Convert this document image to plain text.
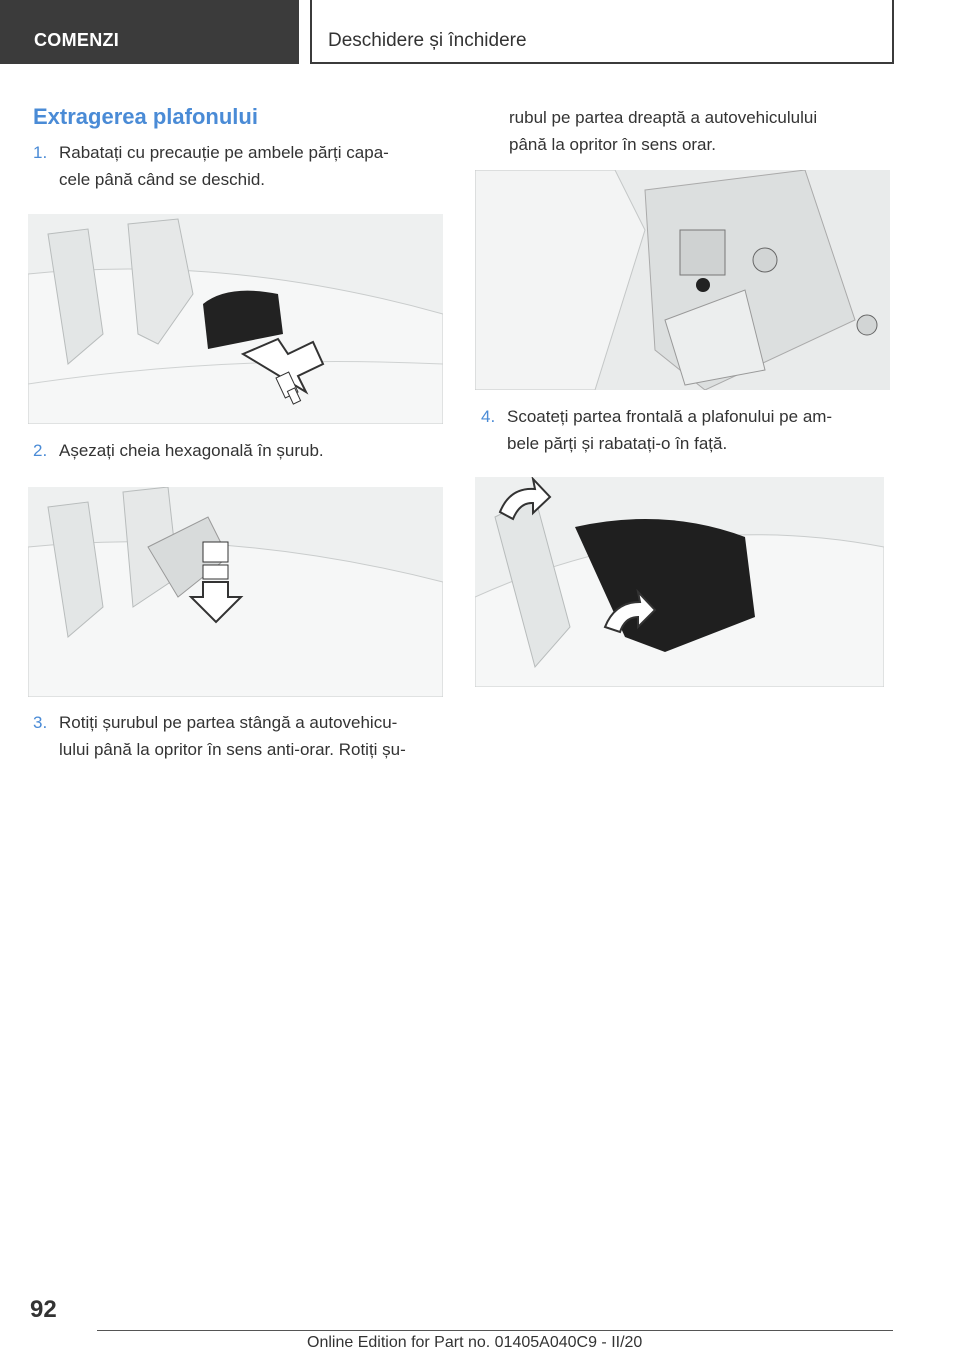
COMENZI	Deschidere și închidere
Extragerea plafonului
1. Rabatați cu precauție pe ambele părți capa-
cele până când se deschid.
2. Așezați cheia hexagonală în șurub.
3. Rotiți șurubul pe partea stângă a autovehicu-
lului până la opritor în sens anti-orar. Rotiți șu-
rubul pe partea dreaptă a autovehiculului
până la opritor în sens orar.
4. Scoateți partea frontală a plafonului pe am-
bele părți și rabatați-o în față.
92
Online Edition for Part no. 01405A040C9 - II/20
